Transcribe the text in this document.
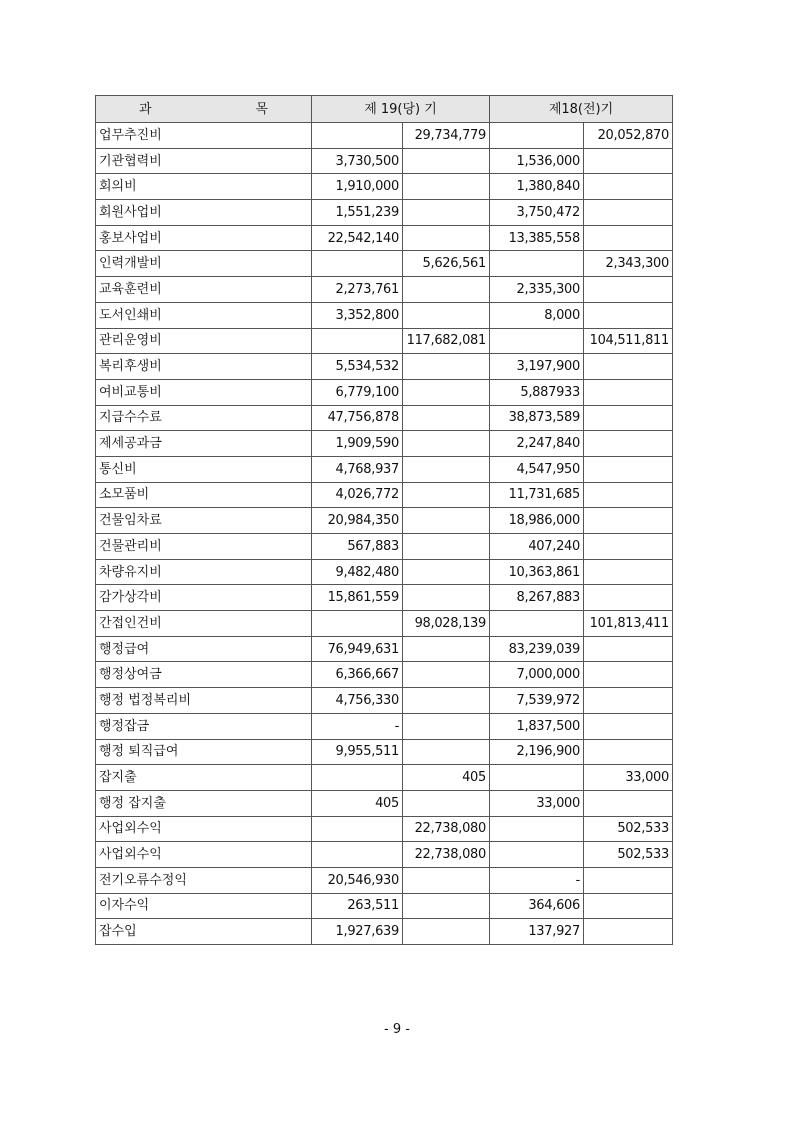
과 목	제 19(당) 기		제18(전)기	
업무추진비		29,734,779		20,052,870
기관협력비	3,730,500		1,536,000	
회의비	1,910,000		1,380,840	
회원사업비	1,551,239		3,750,472	
홍보사업비	22,542,140		13,385,558	
인력개발비		5,626,561		2,343,300
교육훈련비	2,273,761		2,335,300	
도서인쇄비	3,352,800		8,000	
관리운영비		117,682,081		104,511,811
복리후생비	5,534,532		3,197,900	
여비교통비	6,779,100		5,887933	
지급수수료	47,756,878		38,873,589	
제세공과금	1,909,590		2,247,840	
통신비	4,768,937		4,547,950	
소모품비	4,026,772		11,731,685	
건물임차료	20,984,350		18,986,000	
건물관리비	567,883		407,240	
차량유지비	9,482,480		10,363,861	
감가상각비	15,861,559		8,267,883	
간접인건비		98,028,139		101,813,411
행정급여	76,949,631		83,239,039	
행정상여금	6,366,667		7,000,000	
행정 법정복리비	4,756,330		7,539,972	
행정잡금	-		1,837,500	
행정 퇴직급여	9,955,511		2,196,900	
잡지출		405		33,000
행정 잡지출	405		33,000	
사업외수익		22,738,080		502,533
사업외수익		22,738,080		502,533
전기오류수정익	20,546,930		-	
이자수익	263,511		364,606	
잡수입	1,927,639		137,927	
- 9 -
